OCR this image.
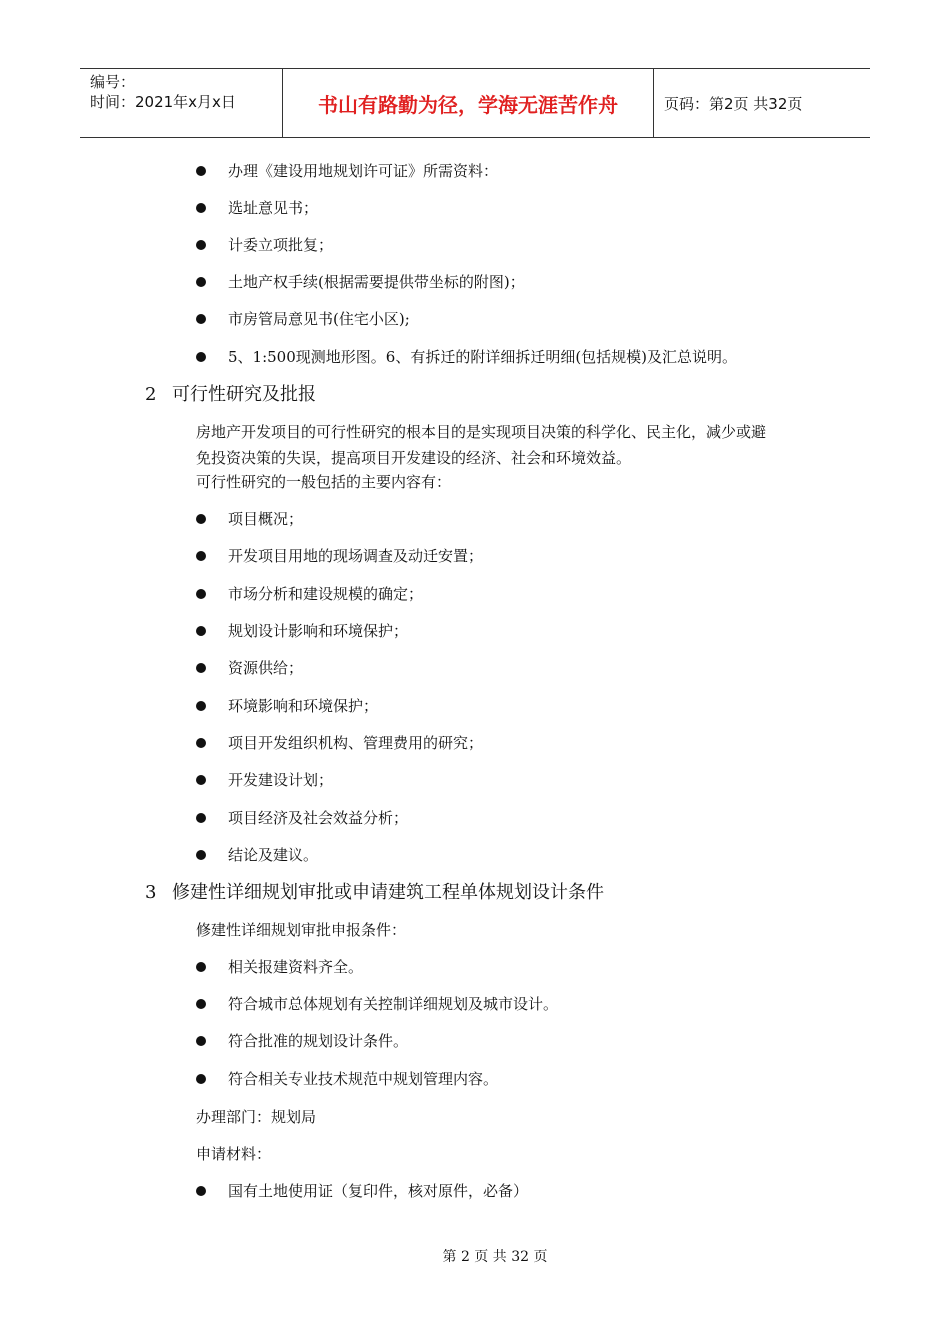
编号：
时间：2021年x月x日	书山有路勤为径，学海无涯苦作舟	页码：第2页 共32页
办理《建设用地规划许可证》所需资料：
选址意见书；
计委立项批复；
土地产权手续(根据需要提供带坐标的附图)；
市房管局意见书(住宅小区);
5、1:500现测地形图。6、有拆迁的附详细拆迁明细(包括规模)及汇总说明。
2 可行性研究及批报
房地产开发项目的可行性研究的根本目的是实现项目决策的科学化、民主化，减少或避
免投资决策的失误，提高项目开发建设的经济、社会和环境效益。
可行性研究的一般包括的主要内容有：
项目概况；
开发项目用地的现场调查及动迁安置；
市场分析和建设规模的确定；
规划设计影响和环境保护；
资源供给；
环境影响和环境保护；
项目开发组织机构、管理费用的研究；
开发建设计划；
项目经济及社会效益分析；
结论及建议。
3 修建性详细规划审批或申请建筑工程单体规划设计条件
修建性详细规划审批申报条件：
相关报建资料齐全。
符合城市总体规划有关控制详细规划及城市设计。
符合批准的规划设计条件。
符合相关专业技术规范中规划管理内容。
办理部门：规划局
申请材料：
国有土地使用证（复印件，核对原件，必备）
第 2 页 共 32 页
